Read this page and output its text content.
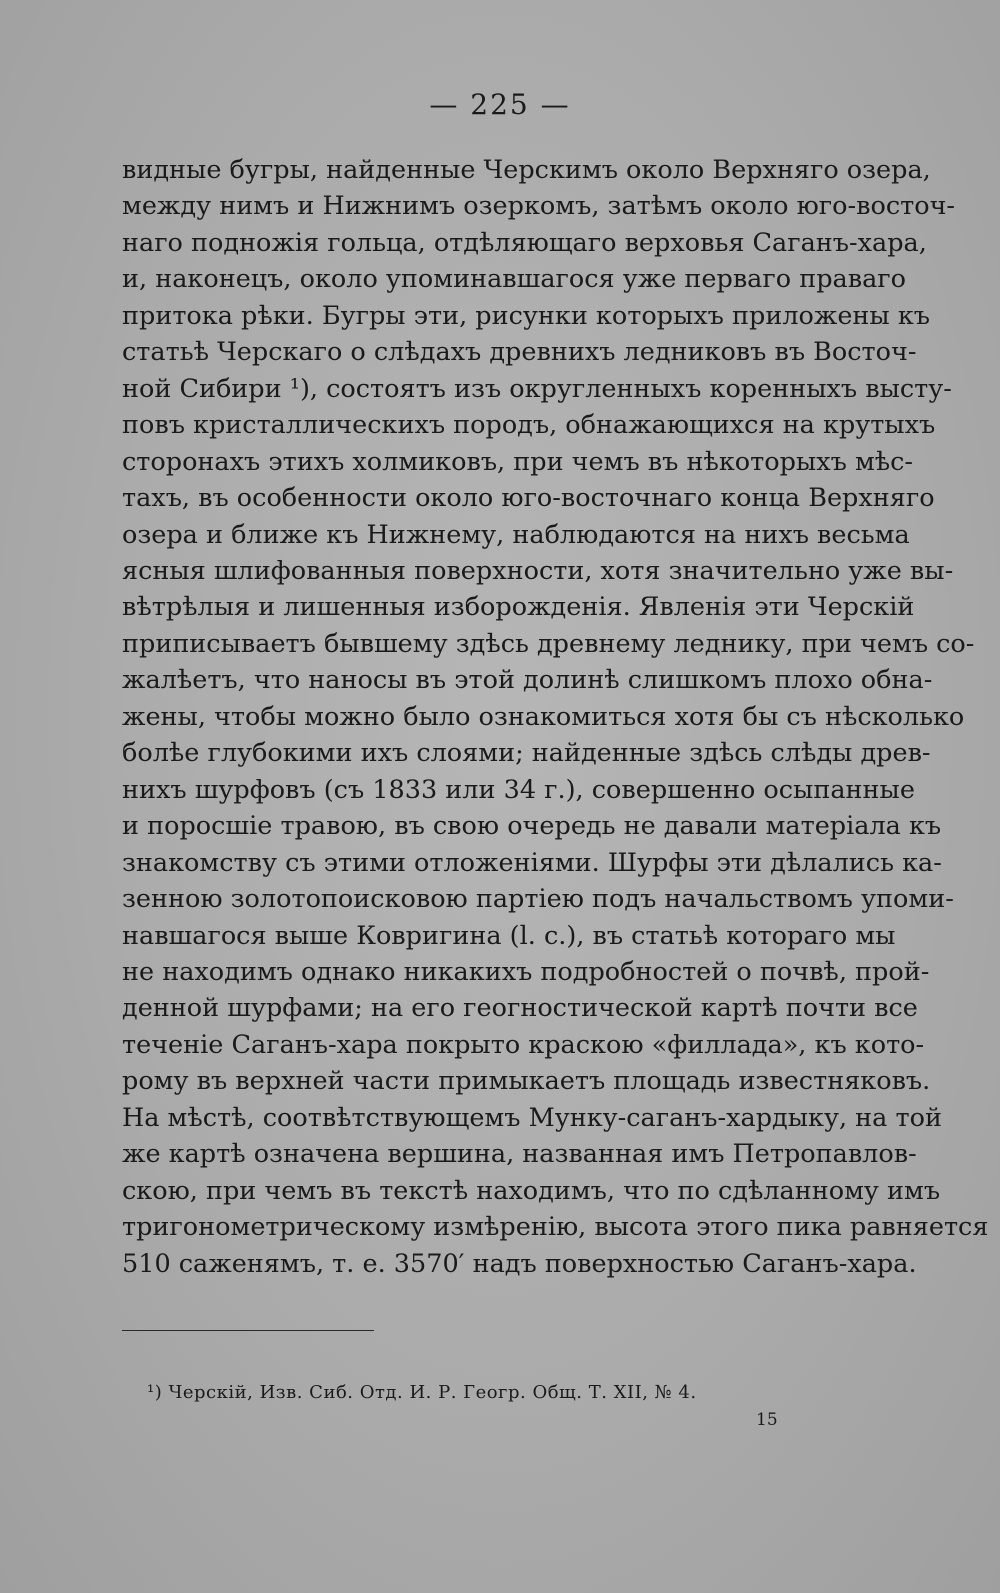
— 225 —
видные бугры, найденные Черскимъ около Верхняго озера,
между нимъ и Нижнимъ озеркомъ, затѣмъ около юго-восточ-
наго подножія гольца, отдѣляющаго верховья Саганъ-хара,
и, наконецъ, около упоминавшагося уже перваго праваго
притока рѣки. Бугры эти, рисунки которыхъ приложены къ
статьѣ Черскаго о слѣдахъ древнихъ ледниковъ въ Восточ-
ной Сибири ¹), состоятъ изъ округленныхъ коренныхъ высту-
повъ кристаллическихъ породъ, обнажающихся на крутыхъ
сторонахъ этихъ холмиковъ, при чемъ въ нѣкоторыхъ мѣс-
тахъ, въ особенности около юго-восточнаго конца Верхняго
озера и ближе къ Нижнему, наблюдаются на нихъ весьма
ясныя шлифованныя поверхности, хотя значительно уже вы-
вѣтрѣлыя и лишенныя изборожденія. Явленія эти Черскій
приписываетъ бывшему здѣсь древнему леднику, при чемъ со-
жалѣетъ, что наносы въ этой долинѣ слишкомъ плохо обна-
жены, чтобы можно было ознакомиться хотя бы съ нѣсколько
болѣе глубокими ихъ слоями; найденные здѣсь слѣды древ-
нихъ шурфовъ (съ 1833 или 34 г.), совершенно осыпанные
и поросшіе травою, въ свою очередь не давали матеріала къ
знакомству съ этими отложеніями. Шурфы эти дѣлались ка-
зенною золотопоисковою партіею подъ начальствомъ упоми-
навшагося выше Ковригина (l. с.), въ статьѣ котораго мы
не находимъ однако никакихъ подробностей о почвѣ, прой-
денной шурфами; на его геогностической картѣ почти все
теченіе Саганъ-хара покрыто краскою «филлада», къ кото-
рому въ верхней части примыкаетъ площадь известняковъ.
На мѣстѣ, соотвѣтствующемъ Мунку-саганъ-хардыку, на той
же картѣ означена вершина, названная имъ Петропавлов-
скою, при чемъ въ текстѣ находимъ, что по сдѣланному имъ
тригонометрическому измѣренію, высота этого пика равняется
510 саженямъ, т. е. 3570′ надъ поверхностью Саганъ-хара.
¹) Черскій, Изв. Сиб. Отд. И. Р. Геогр. Общ. Т. XII, № 4.
15
